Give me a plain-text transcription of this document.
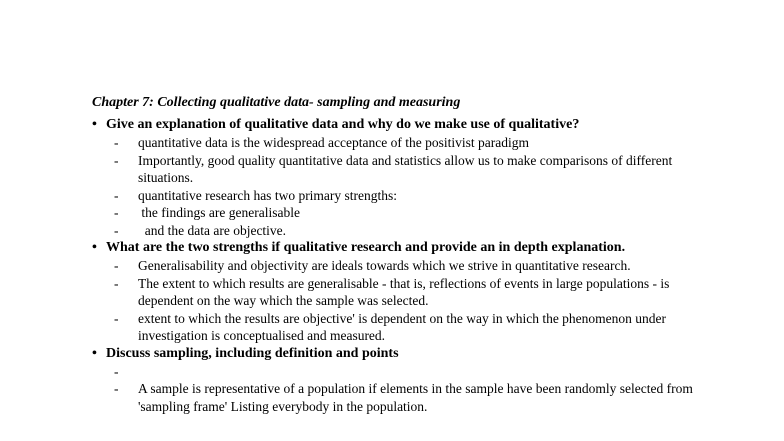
Chapter 7: Collecting qualitative data- sampling and measuring
• Give an explanation of qualitative data and why do we make use of qualitative?
- quantitative data is the widespread acceptance of the positivist paradigm
- Importantly, good quality quantitative data and statistics allow us to make comparisons of different situations.
- quantitative research has two primary strengths:
- the findings are generalisable
- and the data are objective.
• What are the two strengths if qualitative research and provide an in depth explanation.
- Generalisability and objectivity are ideals towards which we strive in quantitative research.
- The extent to which results are generalisable - that is, reflections of events in large populations - is dependent on the way which the sample was selected.
- extent to which the results are objective' is dependent on the way in which the phenomenon under investigation is conceptualised and measured.
• Discuss sampling, including definition and points
-
- A sample is representative of a population if elements in the sample have been randomly selected from 'sampling frame' Listing everybody in the population.
